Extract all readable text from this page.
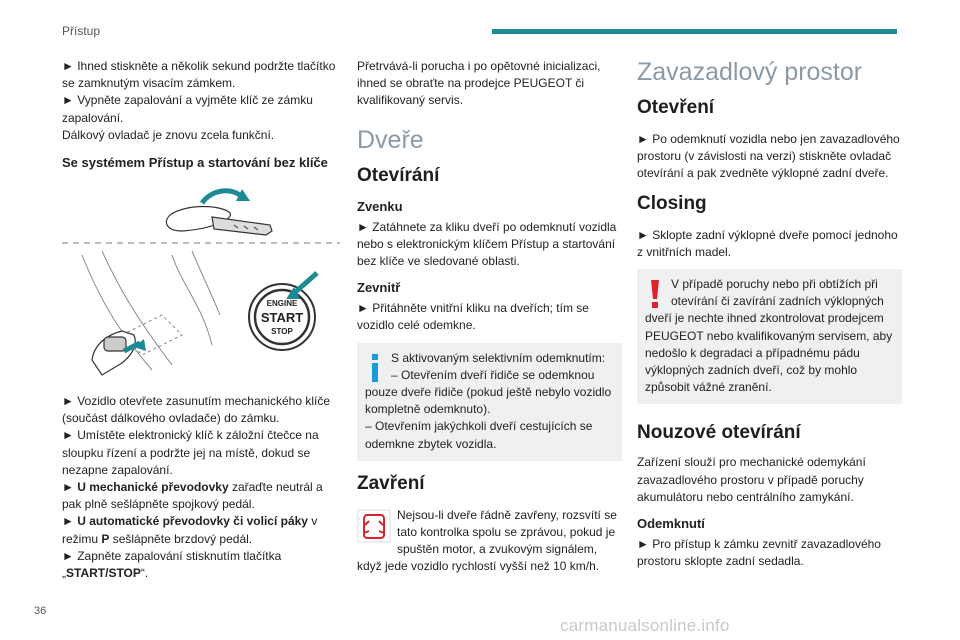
Přístup

► Ihned stiskněte a několik sekund podržte tlačítko se zamknutým visacím zámkem.

► Vypněte zapalování a vyjměte klíč ze zámku zapalování.

Dálkový ovladač je znovu zcela funkční.

Se systémem Přístup a startování bez klíče
ENGINE
START
STOP

► Vozidlo otevřete zasunutím mechanického klíče (součást dálkového ovladače) do zámku.

► Umístěte elektronický klíč k záložní čtečce na sloupku řízení a podržte jej na místě, dokud se nezapne zapalování.

► U mechanické převodovky zařaďte neutrál a pak plně sešlápněte spojkový pedál.

► U automatické převodovky či volicí páky v režimu P sešlápněte brzdový pedál.

► Zapněte zapalování stisknutím tlačítka

„START/STOP“.

Přetrvává-li porucha i po opětovné inicializaci, ihned se obraťte na prodejce PEUGEOT či kvalifikovaný servis.

Dveře
Otevírání
Zvenku

► Zatáhnete za kliku dveří po odemknutí vozidla nebo s elektronickým klíčem Přístup a startování bez klíče ve sledované oblasti.

Zevnitř

► Přitáhněte vnitřní kliku na dveřích; tím se vozidlo celé odemkne.

S aktivovaným selektivním odemknutím:

– Otevřením dveří řidiče se odemknou pouze dveře řidiče (pokud ještě nebylo vozidlo kompletně odemknuto).

– Otevřením jakýchkoli dveří cestujících se odemkne zbytek vozidla.

Zavření

Nejsou-li dveře řádně zavřeny, rozsvítí se tato kontrolka spolu se zprávou, pokud je spuštěn motor, a zvukovým signálem, když jede vozidlo rychlostí vyšší než 10 km/h.

Zavazadlový prostor
Otevření

► Po odemknutí vozidla nebo jen zavazadlového prostoru (v závislosti na verzi) stiskněte ovladač otevírání a pak zvedněte výklopné zadní dveře.

Closing

► Sklopte zadní výklopné dveře pomocí jednoho z vnitřních madel.

V případě poruchy nebo při obtížích při otevírání či zavírání zadních výklopných dveří je nechte ihned zkontrolovat prodejcem PEUGEOT nebo kvalifikovaným servisem, aby nedošlo k degradaci a případnému pádu výklopných zadních dveří, což by mohlo způsobit vážné zranění.

Nouzové otevírání

Zařízení slouží pro mechanické odemykání zavazadlového prostoru v případě poruchy akumulátoru nebo centrálního zamykání.

Odemknutí

► Pro přístup k zámku zevnitř zavazadlového prostoru sklopte zadní sedadla.

36
carmanualsonline.info
